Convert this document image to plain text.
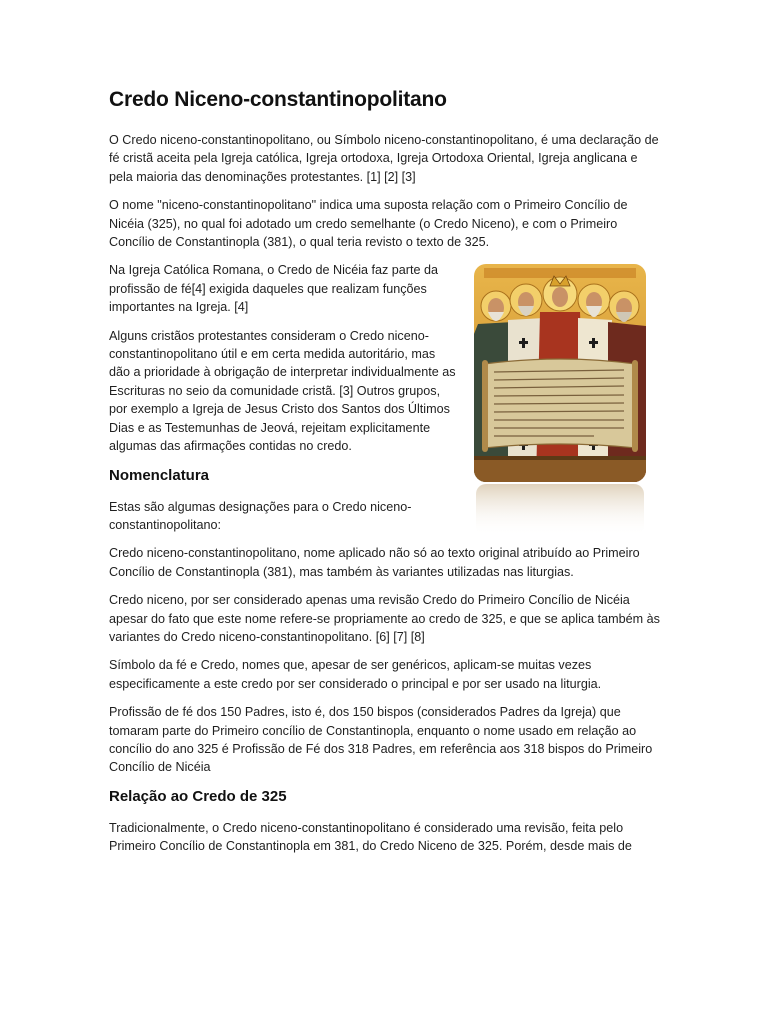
Credo Niceno-constantinopolitano

O Credo niceno-constantinopolitano, ou Símbolo niceno-constantinopolitano, é uma declaração de fé cristã aceita pela Igreja católica, Igreja ortodoxa, Igreja Ortodoxa Oriental, Igreja anglicana e pela maioria das denominações protestantes. [1] [2] [3]

O nome "niceno-constantinopolitano" indica uma suposta relação com o Primeiro Concílio de Nicéia (325), no qual foi adotado um credo semelhante (o Credo Niceno), e com o Primeiro Concílio de Constantinopla (381), o qual teria revisto o texto de 325.

Na Igreja Católica Romana, o Credo de Nicéia faz parte da profissão de fé[4] exigida daqueles que realizam funções importantes na Igreja. [4]

Alguns cristãos protestantes consideram o Credo niceno-constantinopolitano útil e em certa medida autoritário, mas dão a prioridade à obrigação de interpretar individualmente as Escrituras no seio da comunidade cristã. [3] Outros grupos, por exemplo a Igreja de Jesus Cristo dos Santos dos Últimos Dias e as Testemunhas de Jeová, rejeitam explicitamente algumas das afirmações contidas no credo.

Nomenclatura

Estas são algumas designações para o Credo niceno-constantinopolitano:

Credo niceno-constantinopolitano, nome aplicado não só ao texto original atribuído ao Primeiro Concílio de Constantinopla (381), mas também às variantes utilizadas nas liturgias.

Credo niceno, por ser considerado apenas uma revisão Credo do Primeiro Concílio de Nicéia apesar do fato que este nome refere-se propriamente ao credo de 325, e que se aplica também às variantes do Credo niceno-constantinopolitano. [6] [7] [8]

Símbolo da fé e Credo, nomes que, apesar de ser genéricos, aplicam-se muitas vezes especificamente a este credo por ser considerado o principal e por ser usado na liturgia.

Profissão de fé dos 150 Padres, isto é, dos 150 bispos (considerados Padres da Igreja) que tomaram parte do Primeiro concílio de Constantinopla, enquanto o nome usado em relação ao concílio do ano 325 é Profissão de Fé dos 318 Padres, em referência aos 318 bispos do Primeiro Concílio de Nicéia

Relação ao Credo de 325

Tradicionalmente, o Credo niceno-constantinopolitano é considerado uma revisão, feita pelo Primeiro Concílio de Constantinopla em 381, do Credo Niceno de 325. Porém, desde mais de
